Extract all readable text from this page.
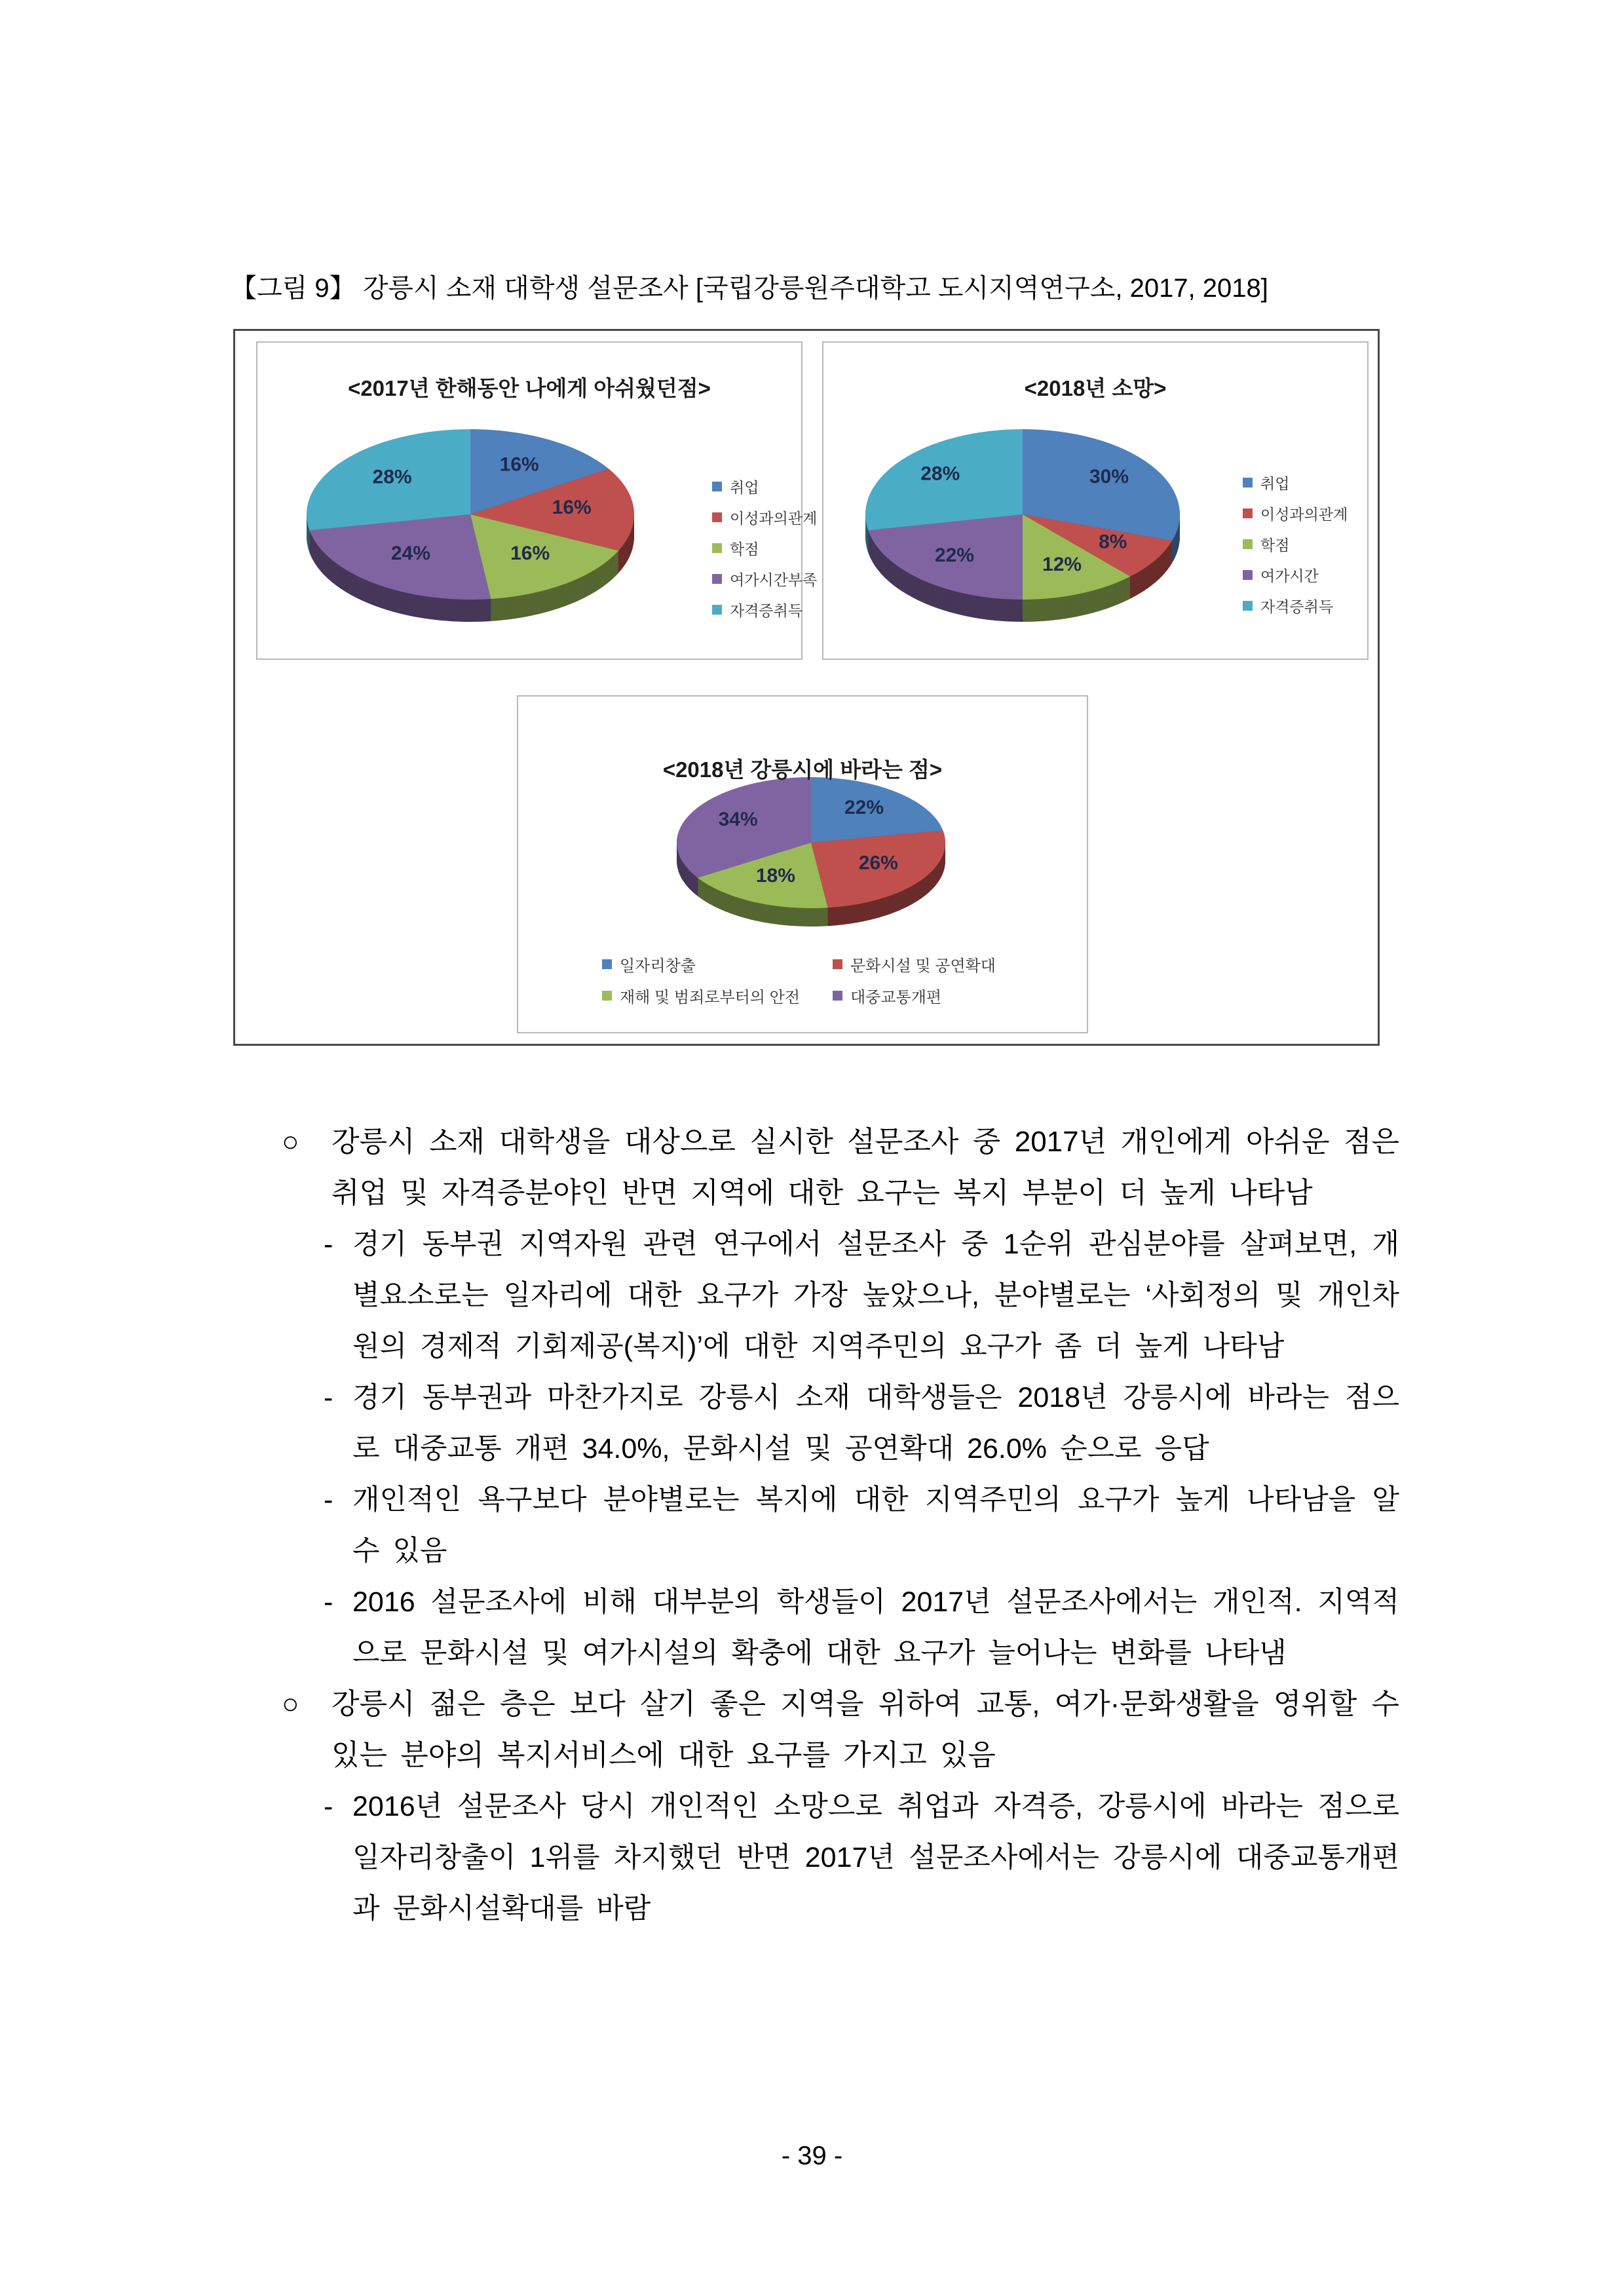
【그림 9】 강릉시 소재 대학생 설문조사 [국립강릉원주대학고 도시지역연구소, 2017, 2018]
16%
16%
16%
24%
28%
<2017년 한해동안 나에게 아쉬웠던점>
취업
이성과의관계
학점
여가시간부족
자격증취득
30%
8%
12%
22%
28%
<2018년 소망>
취업
이성과의관계
학점
여가시간
자격증취득
22%
26%
18%
34%
<2018년 강릉시에 바라는 점>
일자리창출	문화시설 및 공연확대
재해 및 범죄로부터의 안전	대중교통개편
○	강릉시 소재 대학생을 대상으로 실시한 설문조사 중 2017년 개인에게 아쉬운 점은 취업 및 자격증분야인 반면 지역에 대한 요구는 복지 부분이 더 높게 나타남
- 경기 동부권 지역자원 관련 연구에서 설문조사 중 1순위 관심분야를 살펴보면, 개별요소로는 일자리에 대한 요구가 가장 높았으나, 분야별로는 ‘사회정의 및 개인차원의 경제적 기회제공(복지)’에 대한 지역주민의 요구가 좀 더 높게 나타남
- 경기 동부권과 마찬가지로 강릉시 소재 대학생들은 2018년 강릉시에 바라는 점으로 대중교통 개편 34.0%, 문화시설 및 공연확대 26.0% 순으로 응답
- 개인적인 욕구보다 분야별로는 복지에 대한 지역주민의 요구가 높게 나타남을 알 수 있음
- 2016 설문조사에 비해 대부분의 학생들이 2017년 설문조사에서는 개인적. 지역적으로 문화시설 및 여가시설의 확충에 대한 요구가 늘어나는 변화를 나타냄
○	강릉시 젊은 층은 보다 살기 좋은 지역을 위하여 교통, 여가·문화생활을 영위할 수 있는 분야의 복지서비스에 대한 요구를 가지고 있음
- 2016년 설문조사 당시 개인적인 소망으로 취업과 자격증, 강릉시에 바라는 점으로 일자리창출이 1위를 차지했던 반면 2017년 설문조사에서는 강릉시에 대중교통개편과 문화시설확대를 바람
- 39 -
